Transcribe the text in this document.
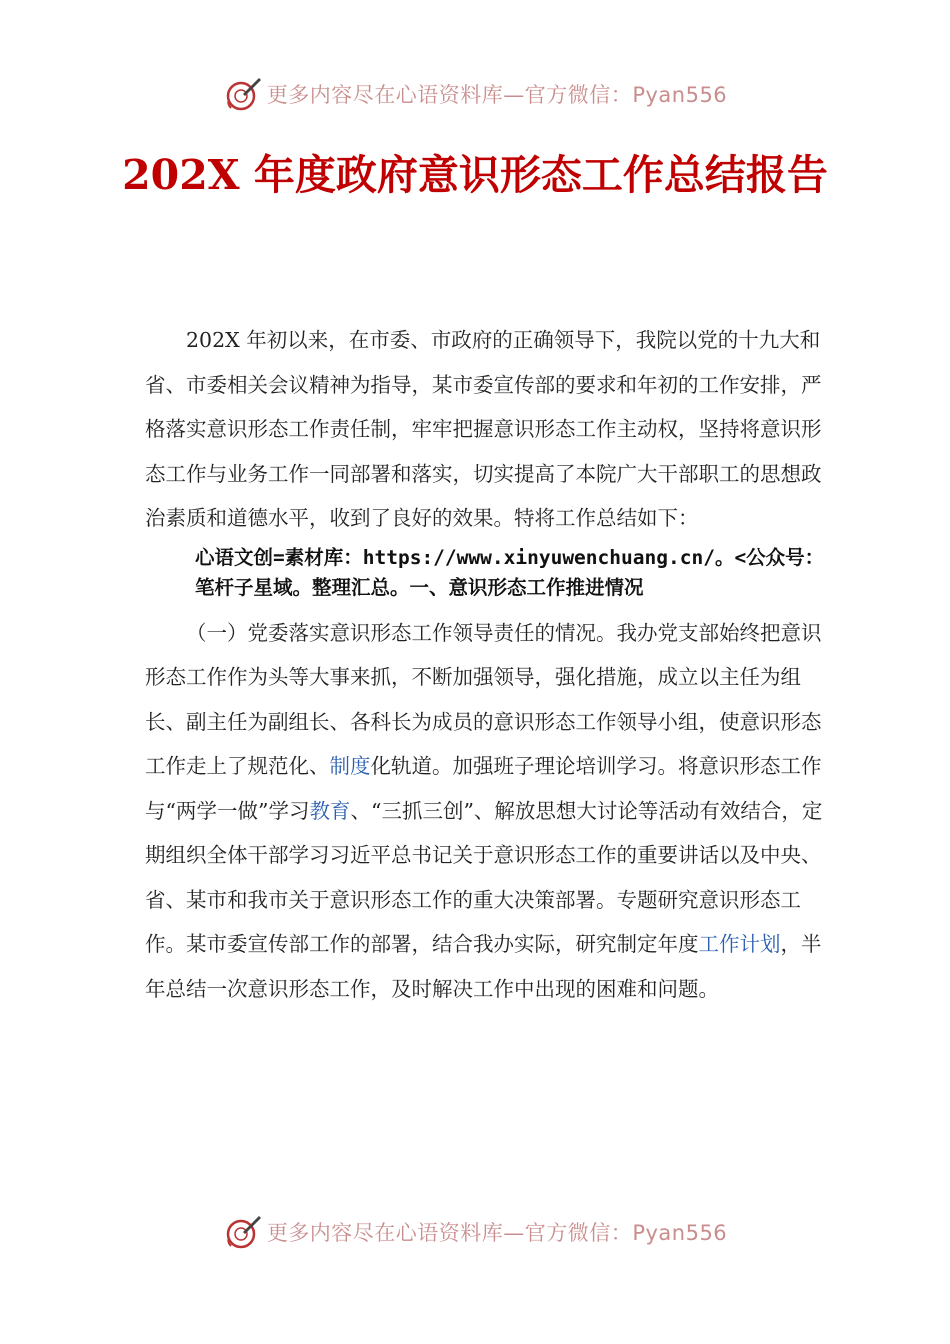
更多内容尽在心语资料库—官方微信：Pyan556
202X 年度政府意识形态工作总结报告

202X 年初以来，在市委、市政府的正确领导下，我院以党的十九大和省、市委相关会议精神为指导，某市委宣传部的要求和年初的工作安排，严格落实意识形态工作责任制，牢牢把握意识形态工作主动权，坚持将意识形态工作与业务工作一同部署和落实，切实提高了本院广大干部职工的思想政治素质和道德水平，收到了良好的效果。特将工作总结如下：

心语文创=素材库：https://www.xinyuwenchuang.cn/。<公众号：笔杆子星域。整理汇总。一、意识形态工作推进情况

（一）党委落实意识形态工作领导责任的情况。我办党支部始终把意识形态工作作为头等大事来抓，不断加强领导，强化措施，成立以主任为组长、副主任为副组长、各科长为成员的意识形态工作领导小组，使意识形态工作走上了规范化、制度化轨道。加强班子理论培训学习。将意识形态工作与“两学一做”学习教育、“三抓三创”、解放思想大讨论等活动有效结合，定期组织全体干部学习习近平总书记关于意识形态工作的重要讲话以及中央、省、某市和我市关于意识形态工作的重大决策部署。专题研究意识形态工作。某市委宣传部工作的部署，结合我办实际，研究制定年度工作计划，半年总结一次意识形态工作，及时解决工作中出现的困难和问题。

更多内容尽在心语资料库—官方微信：Pyan556
